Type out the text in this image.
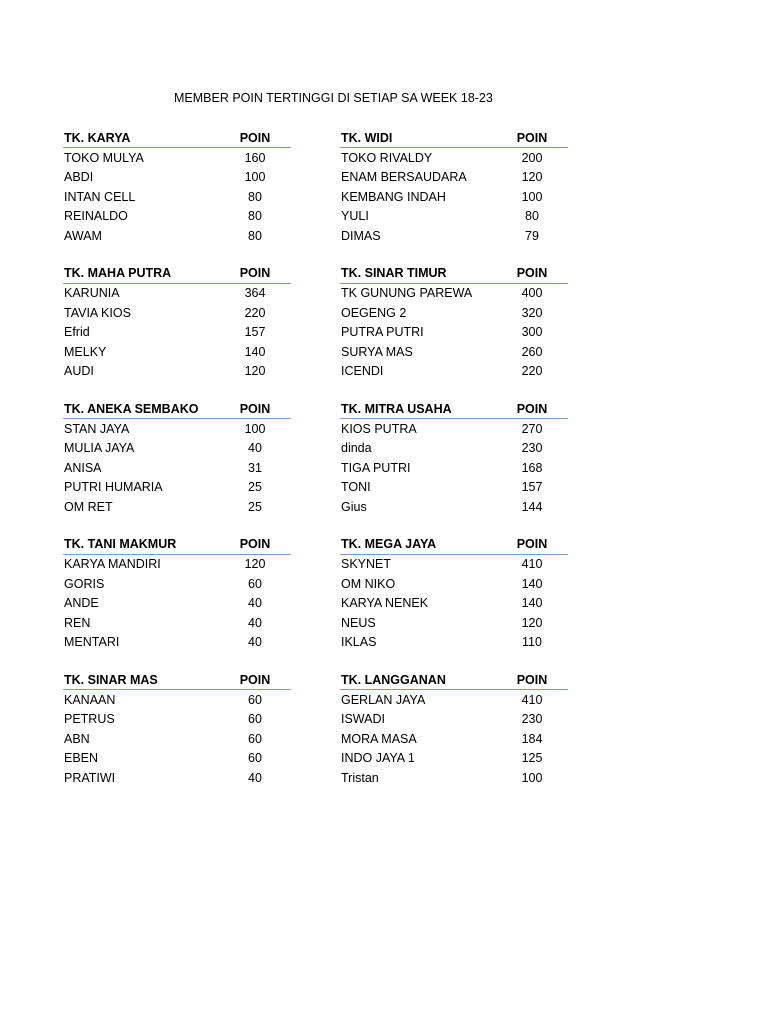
MEMBER POIN TERTINGGI DI SETIAP SA WEEK 18-23
TK. KARYA	POIN
TOKO MULYA	160
ABDI	100
INTAN CELL	80
REINALDO	80
AWAM	80
TK. WIDI	POIN
TOKO RIVALDY	200
ENAM BERSAUDARA	120
KEMBANG INDAH	100
YULI	80
DIMAS	79
TK. MAHA PUTRA	POIN
KARUNIA	364
TAVIA KIOS	220
Efrid	157
MELKY	140
AUDI	120
TK. SINAR TIMUR	POIN
TK GUNUNG PAREWA	400
OEGENG 2	320
PUTRA PUTRI	300
SURYA MAS	260
ICENDI	220
TK. ANEKA SEMBAKO	POIN
STAN JAYA	100
MULIA JAYA	40
ANISA	31
PUTRI HUMARIA	25
OM RET	25
TK. MITRA USAHA	POIN
KIOS PUTRA	270
dinda	230
TIGA PUTRI	168
TONI	157
Gius	144
TK. TANI MAKMUR	POIN
KARYA MANDIRI	120
GORIS	60
ANDE	40
REN	40
MENTARI	40
TK. MEGA JAYA	POIN
SKYNET	410
OM NIKO	140
KARYA NENEK	140
NEUS	120
IKLAS	110
TK. SINAR MAS	POIN
KANAAN	60
PETRUS	60
ABN	60
EBEN	60
PRATIWI	40
TK. LANGGANAN	POIN
GERLAN JAYA	410
ISWADI	230
MORA MASA	184
INDO JAYA 1	125
Tristan	100
